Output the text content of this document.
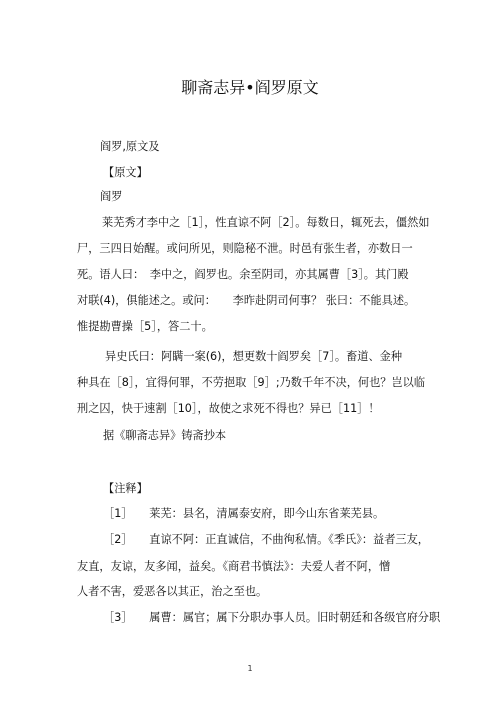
聊斋志异•阎罗原文
阎罗,原文及
【原文】
阎罗
莱芜秀才李中之［1］，性直谅不阿［2］。每数日，辄死去，僵然如
尸，三四日始醒。或问所见，则隐秘不泄。时邑有张生者，亦数日一
死。语人曰：　李中之，阎罗也。余至阴司，亦其属曹［3］。其门殿
对联(4)，俱能述之。或问：　　李昨赴阴司何事？ 张曰：不能具述。
惟提勘曹操［5］，答二十。
异史氏曰：阿瞒一案(6)，想更数十阎罗矣［7］。畜道、金种
种具在［8］，宜得何罪，不劳挹取［9］;乃数千年不决，何也？岂以临
刑之囚，快于速割［10］，故使之求死不得也？异已［11］！
据《聊斋志异》铸斋抄本
【注释】
［1］　　莱芜：县名，清属泰安府，即今山东省莱芜县。
［2］　　直谅不阿：正直诚信，不曲徇私情。《季氏》：益者三友，
友直，友谅，友多闻，益矣。《商君书慎法》：夫爱人者不阿，憎
人者不害，爱恶各以其正，治之至也。
［3］　　属曹：属官；属下分职办事人员。旧时朝廷和各级官府分职
1
